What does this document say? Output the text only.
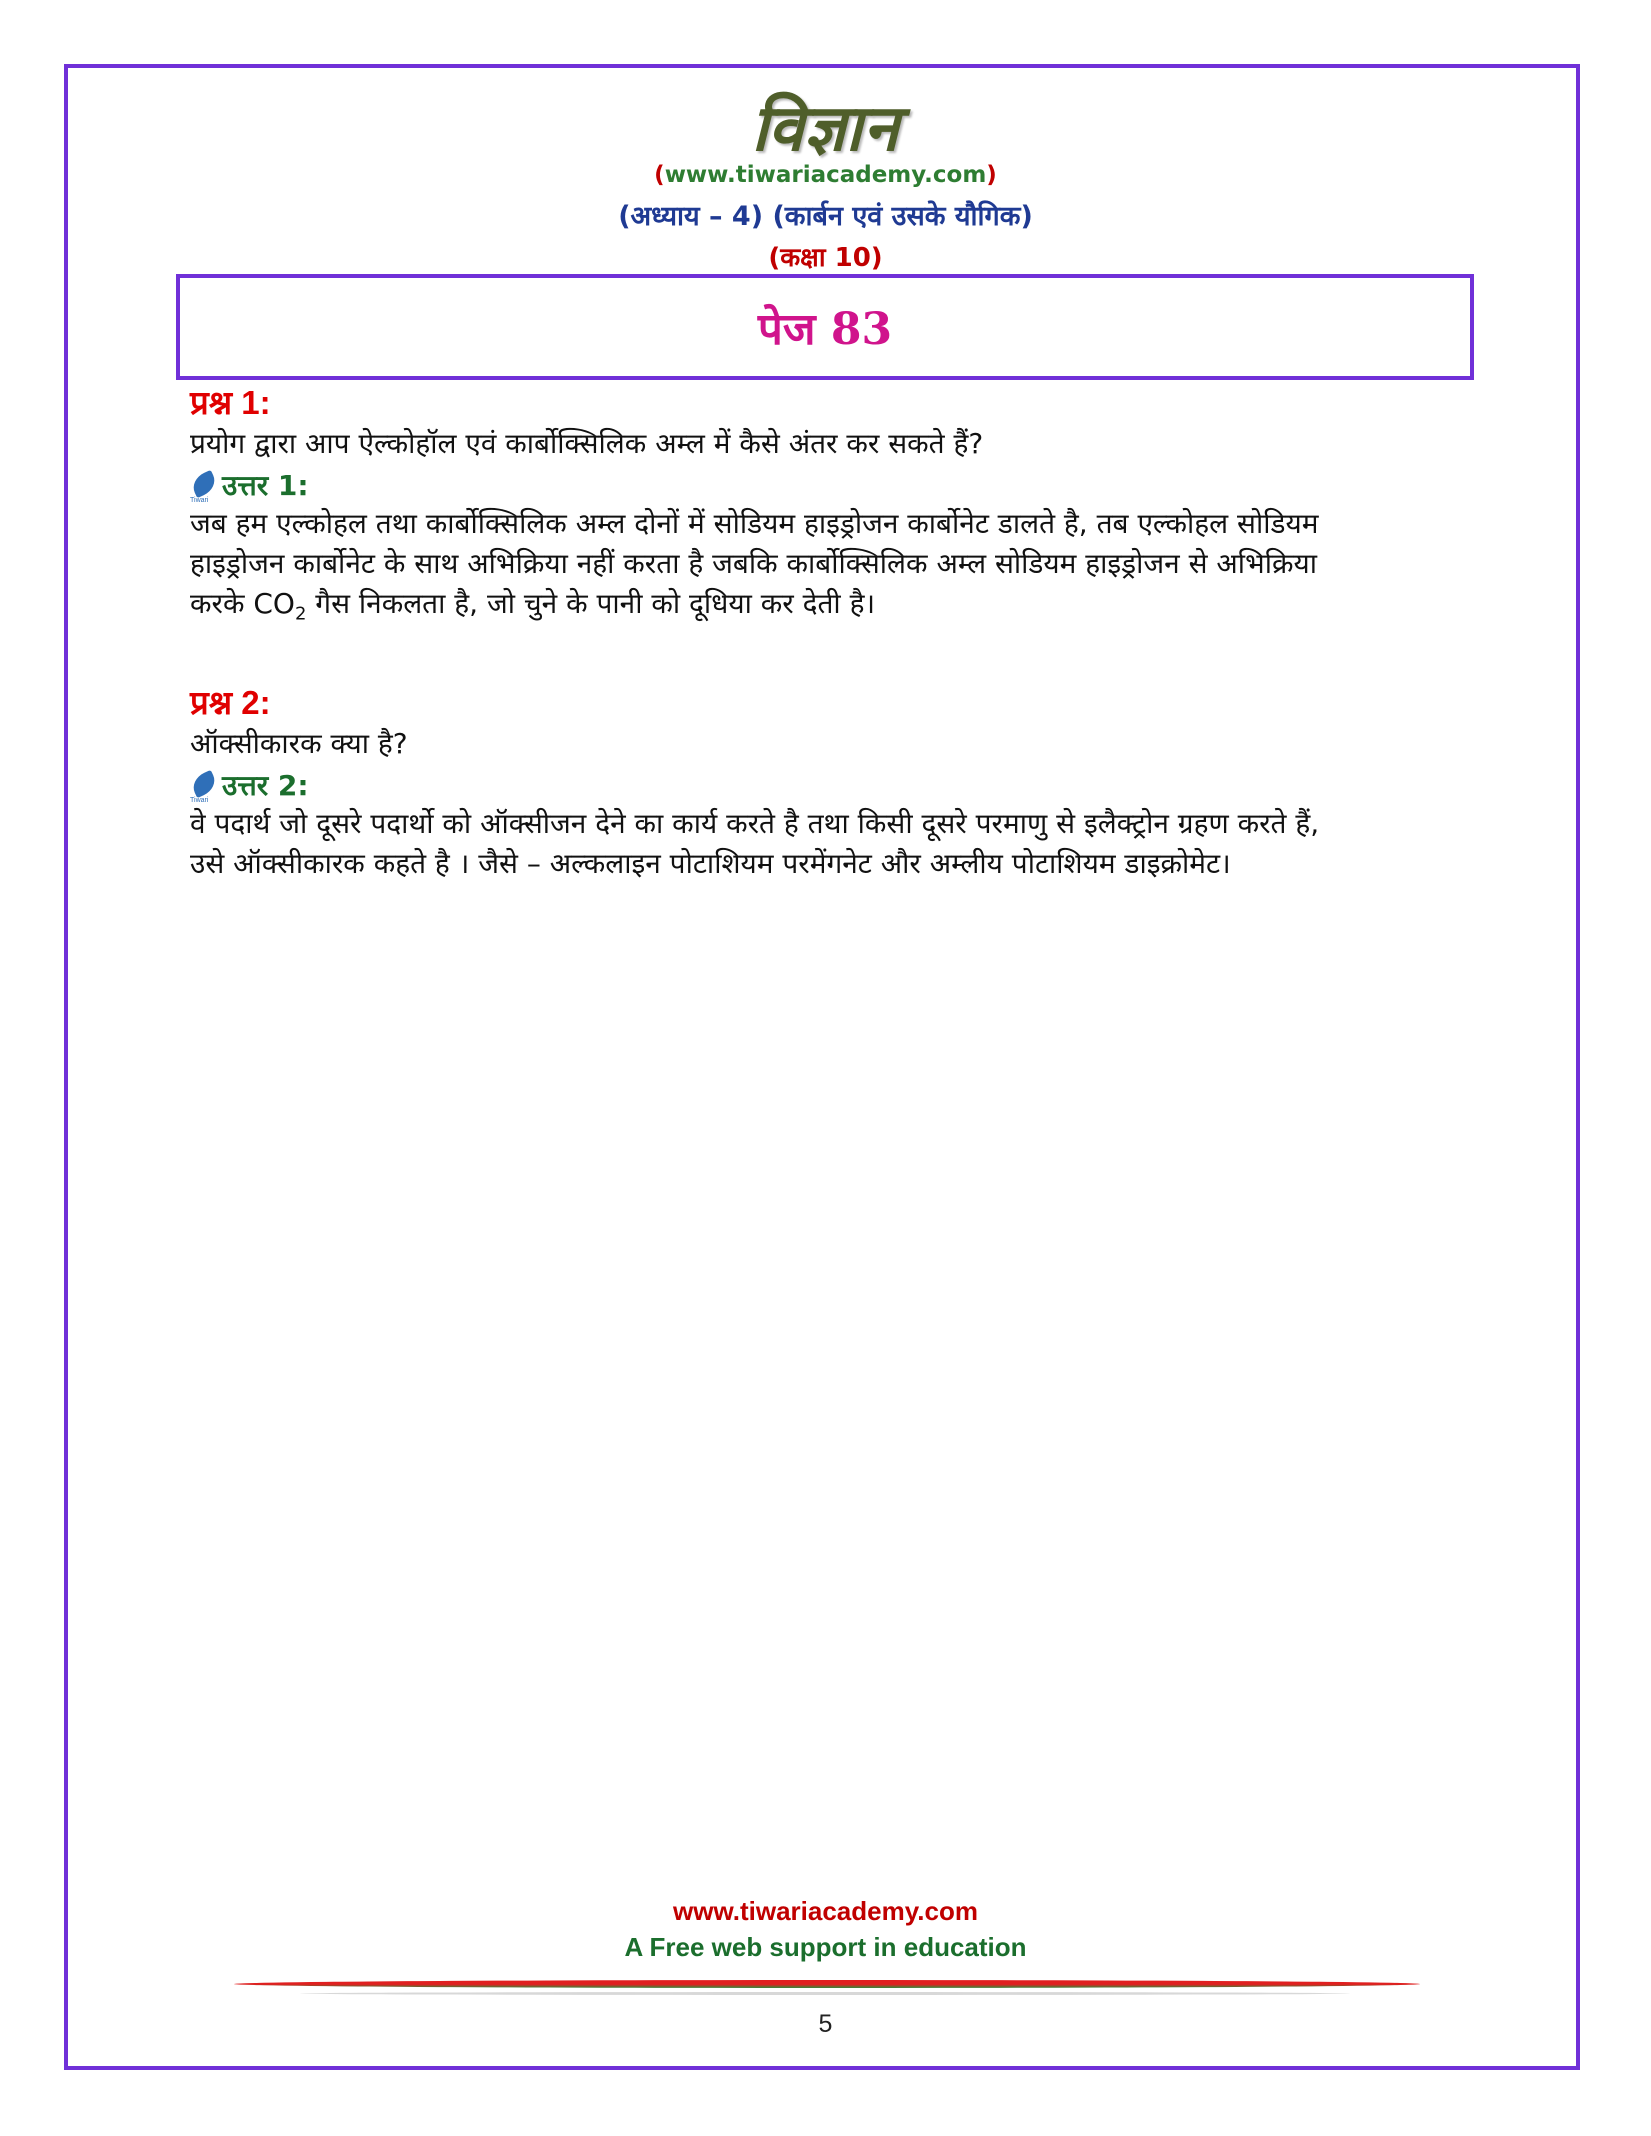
विज्ञान
(www.tiwariacademy.com)
(अध्याय – 4) (कार्बन एवं उसके यौगिक)
(कक्षा 10)
पेज 83
प्रश्न 1:
प्रयोग द्वारा आप ऐल्कोहॉल एवं कार्बोक्सिलिक अम्ल में कैसे अंतर कर सकते हैं?
Tiwari उत्तर 1:
जब हम एल्कोहल तथा कार्बोक्सिलिक अम्ल दोनों में सोडियम हाइड्रोजन कार्बोनेट डालते है, तब एल्कोहल सोडियम
हाइड्रोजन कार्बोनेट के साथ अभिक्रिया नहीं करता है जबकि कार्बोक्सिलिक अम्ल सोडियम हाइड्रोजन से अभिक्रिया
करके $CO_2$ गैस निकलता है, जो चुने के पानी को दूधिया कर देती है।
प्रश्न 2:
ऑक्सीकारक क्या है?
Tiwari उत्तर 2:
वे पदार्थ जो दूसरे पदार्थो को ऑक्सीजन देने का कार्य करते है तथा किसी दूसरे परमाणु से इलैक्ट्रोन ग्रहण करते हैं,
उसे ऑक्सीकारक कहते है । जैसे – अल्कलाइन पोटाशियम परमेंगनेट और अम्लीय पोटाशियम डाइक्रोमेट।
www.tiwariacademy.com
A Free web support in education
5
